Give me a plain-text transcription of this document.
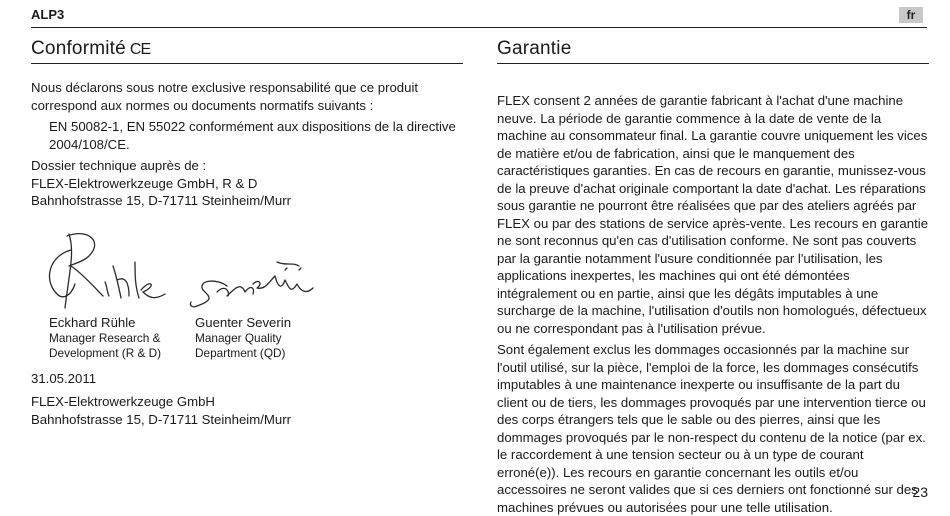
ALP3	fr
Conformité CE
Nous déclarons sous notre exclusive responsabilité que ce produit correspond aux normes ou documents normatifs suivants :
EN 50082-1, EN 55022 conformément aux dispositions de la directive 2004/108/CE.
Dossier technique auprès de :
FLEX-Elektrowerkzeuge GmbH, R & D
Bahnhofstrasse 15, D-71711 Steinheim/Murr
Eckhard Rühle
Manager Research &
Development (R & D)
Guenter Severin
Manager Quality
Department (QD)
31.05.2011
FLEX-Elektrowerkzeuge GmbH
Bahnhofstrasse 15, D-71711 Steinheim/Murr
Garantie
FLEX consent 2 années de garantie fabricant à l'achat d'une machine neuve. La période de garantie commence à la date de vente de la machine au consommateur final. La garantie couvre uniquement les vices de matière et/ou de fabrication, ainsi que le manquement des caractéristiques garanties. En cas de recours en garantie, munissez-vous de la preuve d'achat originale comportant la date d'achat. Les réparations sous garantie ne pourront être réalisées que par des ateliers agréés par FLEX ou par des stations de service après-vente. Les recours en garantie ne sont reconnus qu'en cas d'utilisation conforme. Ne sont pas couverts par la garantie notamment l'usure conditionnée par l'utilisation, les applications inexpertes, les machines qui ont été démontées intégralement ou en partie, ainsi que les dégâts imputables à une surcharge de la machine, l'utilisation d'outils non homologués, défectueux ou ne correspondant pas à l'utilisation prévue.
Sont également exclus les dommages occasionnés par la machine sur l'outil utilisé, sur la pièce, l'emploi de la force, les dommages consécutifs imputables à une maintenance inexperte ou insuffisante de la part du client ou de tiers, les dommages provoqués par une intervention tierce ou des corps étrangers tels que le sable ou des pierres, ainsi que les dommages provoqués par le non-respect du contenu de la notice (par ex. le raccordement à une tension secteur ou à un type de courant erroné(e)). Les recours en garantie concernant les outils et/ou accessoires ne seront valides que si ces derniers ont fonctionné sur des machines prévues ou autorisées pour une telle utilisation.
23
